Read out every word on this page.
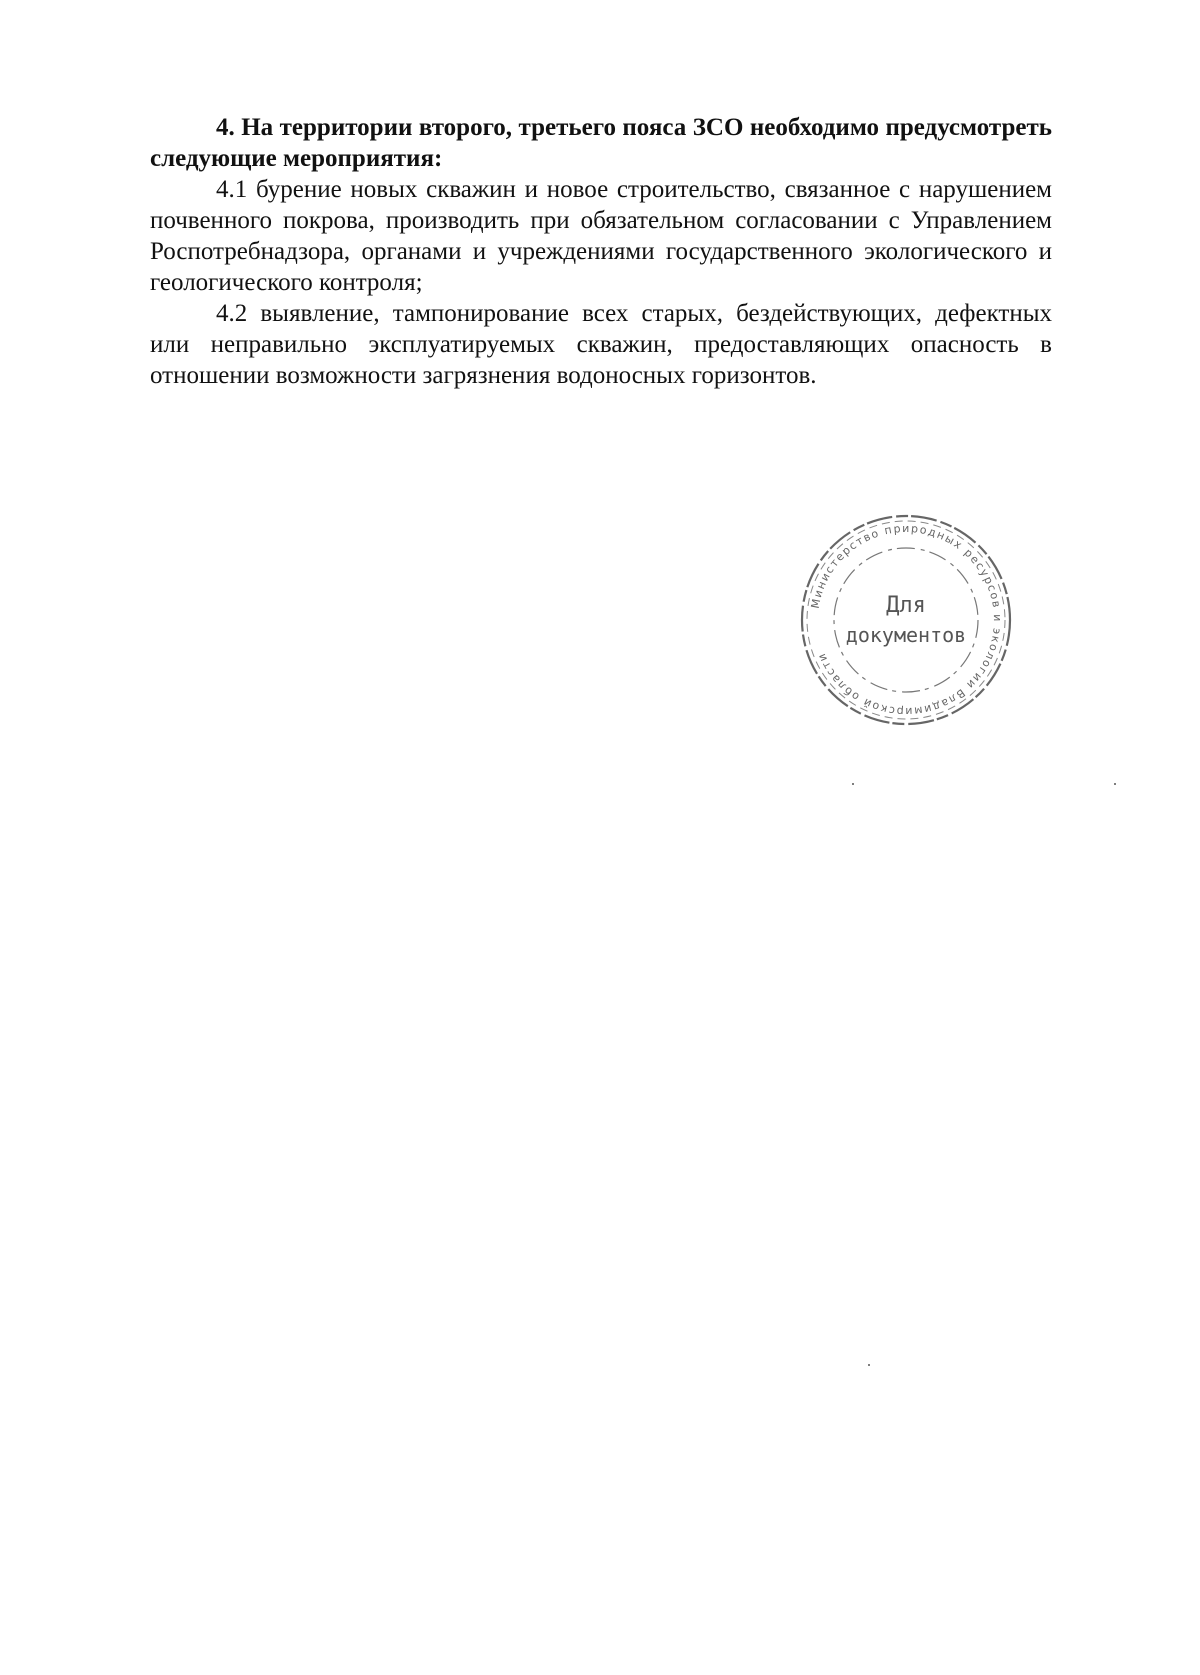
4. На территории второго, третьего пояса ЗСО необходимо предусмотреть следующие мероприятия:

4.1 бурение новых скважин и новое строительство, связанное с нарушением почвенного покрова, производить при обязательном согласовании с Управлением Роспотребнадзора, органами и учреждениями государственного экологического и геологического контроля;

4.2 выявление, тампонирование всех старых, бездействующих, дефектных или неправильно эксплуатируемых скважин, предоставляющих опасность в отношении возможности загрязнения водоносных горизонтов.

Министерство природных ресурсов и экологии Владимирской области
Для
документов
